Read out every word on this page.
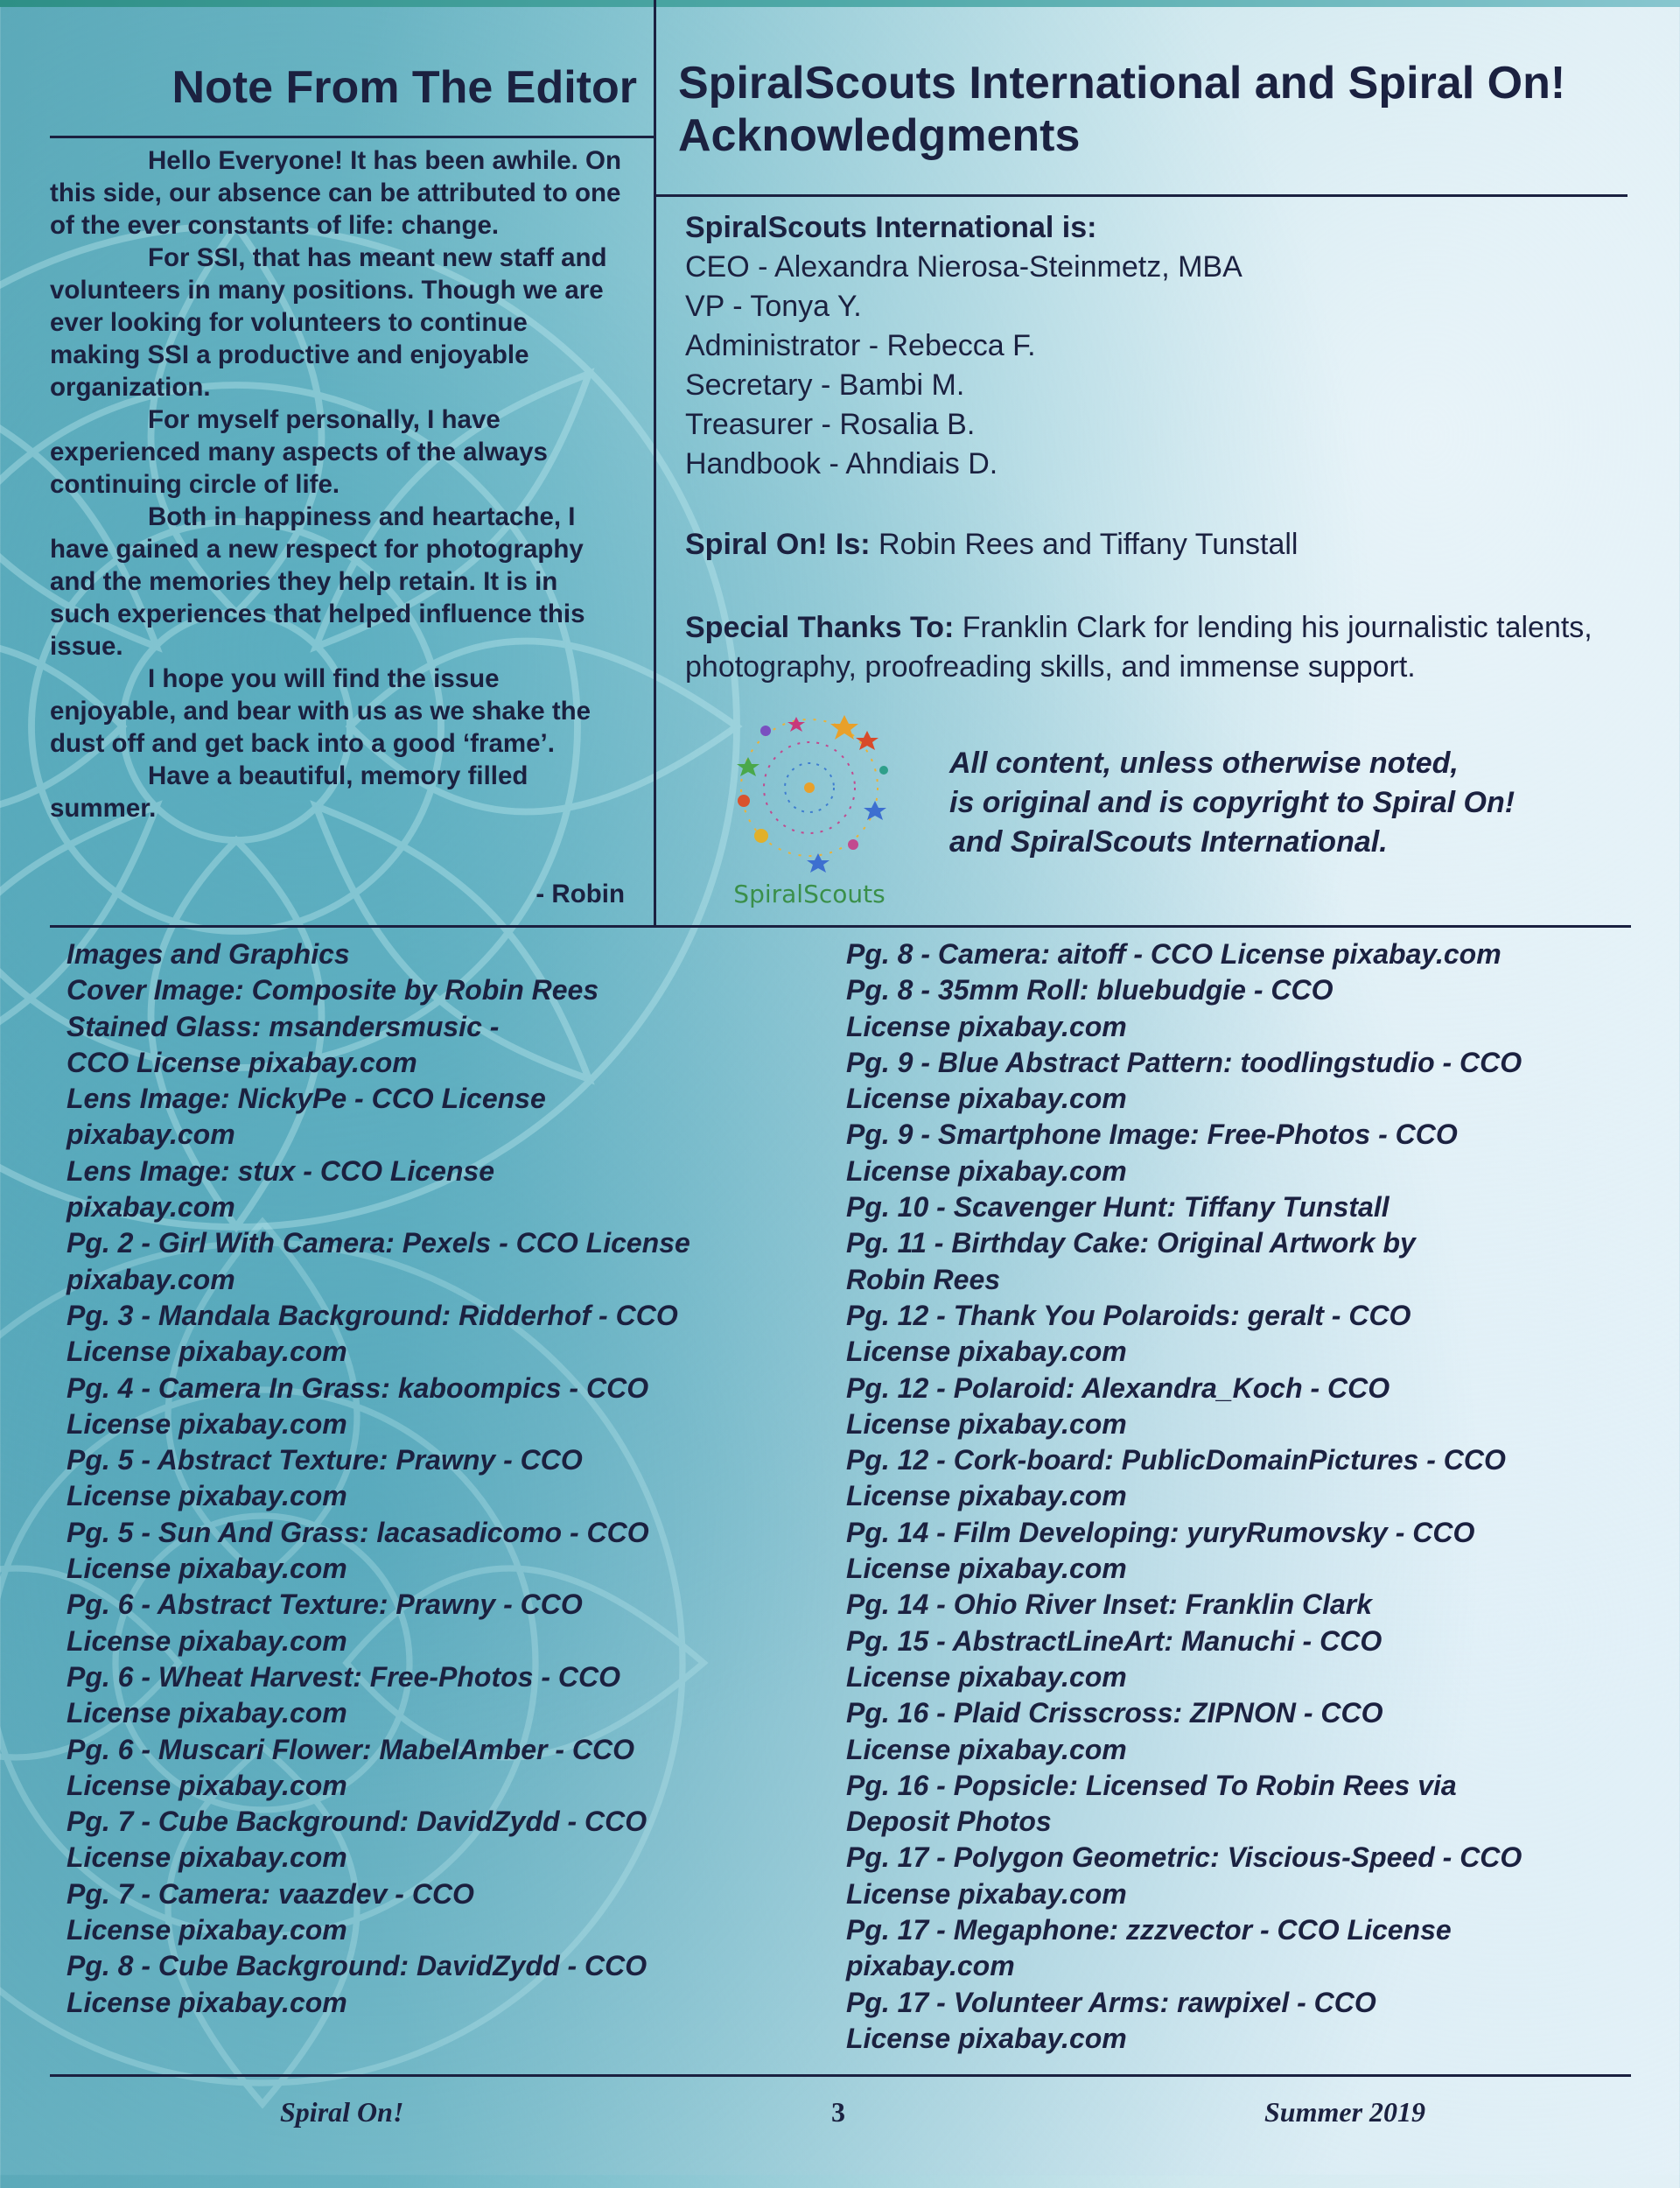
Note From The Editor

Hello Everyone! It has been awhile. On this side, our absence can be attributed to one of the ever constants of life: change.

For SSI, that has meant new staff and volunteers in many positions. Though we are ever looking for volunteers to continue making SSI a productive and enjoyable organization.

For myself personally, I have experienced many aspects of the always continuing circle of life.

Both in happiness and heartache, I have gained a new respect for photography and the memories they help retain. It is in such experiences that helped influence this issue.

I hope you will find the issue enjoyable, and bear with us as we shake the dust off and get back into a good ‘frame’.

Have a beautiful, memory filled summer.

- Robin

SpiralScouts International and Spiral On! Acknowledgments
SpiralScouts International is:
CEO - Alexandra Nierosa-Steinmetz, MBA
VP - Tonya Y.
Administrator - Rebecca F.
Secretary - Bambi M.
Treasurer - Rosalia B.
Handbook - Ahndiais D.
Spiral On! Is: Robin Rees and Tiffany Tunstall
Special Thanks To: Franklin Clark for lending his journalistic talents, photography, proofreading skills, and immense support.
SpiralScouts
All content, unless otherwise noted,
is original and is copyright to Spiral On!
and SpiralScouts International.
Images and Graphics
Cover Image: Composite by Robin Rees
Stained Glass: msandersmusic -
CCO License pixabay.com
Lens Image: NickyPe - CCO License
pixabay.com
Lens Image: stux - CCO License
pixabay.com
Pg. 2 - Girl With Camera: Pexels - CCO License
pixabay.com
Pg. 3 - Mandala Background: Ridderhof - CCO
License pixabay.com
Pg. 4 - Camera In Grass: kaboompics - CCO
License pixabay.com
Pg. 5 - Abstract Texture: Prawny - CCO
License pixabay.com
Pg. 5 - Sun And Grass: lacasadicomo - CCO
License pixabay.com
Pg. 6 - Abstract Texture: Prawny - CCO
License pixabay.com
Pg. 6 - Wheat Harvest: Free-Photos - CCO
License pixabay.com
Pg. 6 - Muscari Flower: MabelAmber - CCO
License pixabay.com
Pg. 7 - Cube Background: DavidZydd - CCO
License pixabay.com
Pg. 7 - Camera: vaazdev - CCO
License pixabay.com
Pg. 8 - Cube Background: DavidZydd - CCO
License pixabay.com
Pg. 8 - Camera: aitoff - CCO License pixabay.com
Pg. 8 - 35mm Roll: bluebudgie - CCO
License pixabay.com
Pg. 9 - Blue Abstract Pattern: toodlingstudio - CCO
License pixabay.com
Pg. 9 - Smartphone Image: Free-Photos - CCO
License pixabay.com
Pg. 10 - Scavenger Hunt: Tiffany Tunstall
Pg. 11 - Birthday Cake: Original Artwork by
Robin Rees
Pg. 12 - Thank You Polaroids: geralt - CCO
License pixabay.com
Pg. 12 - Polaroid: Alexandra_Koch - CCO
License pixabay.com
Pg. 12 - Cork-board: PublicDomainPictures - CCO
License pixabay.com
Pg. 14 - Film Developing: yuryRumovsky - CCO
License pixabay.com
Pg. 14 - Ohio River Inset: Franklin Clark
Pg. 15 - AbstractLineArt: Manuchi - CCO
License pixabay.com
Pg. 16 - Plaid Crisscross: ZIPNON - CCO
License pixabay.com
Pg. 16 - Popsicle: Licensed To Robin Rees via
Deposit Photos
Pg. 17 - Polygon Geometric: Viscious-Speed - CCO
License pixabay.com
Pg. 17 - Megaphone: zzzvector - CCO License
pixabay.com
Pg. 17 - Volunteer Arms: rawpixel - CCO
License pixabay.com
Spiral On!	3	Summer 2019
